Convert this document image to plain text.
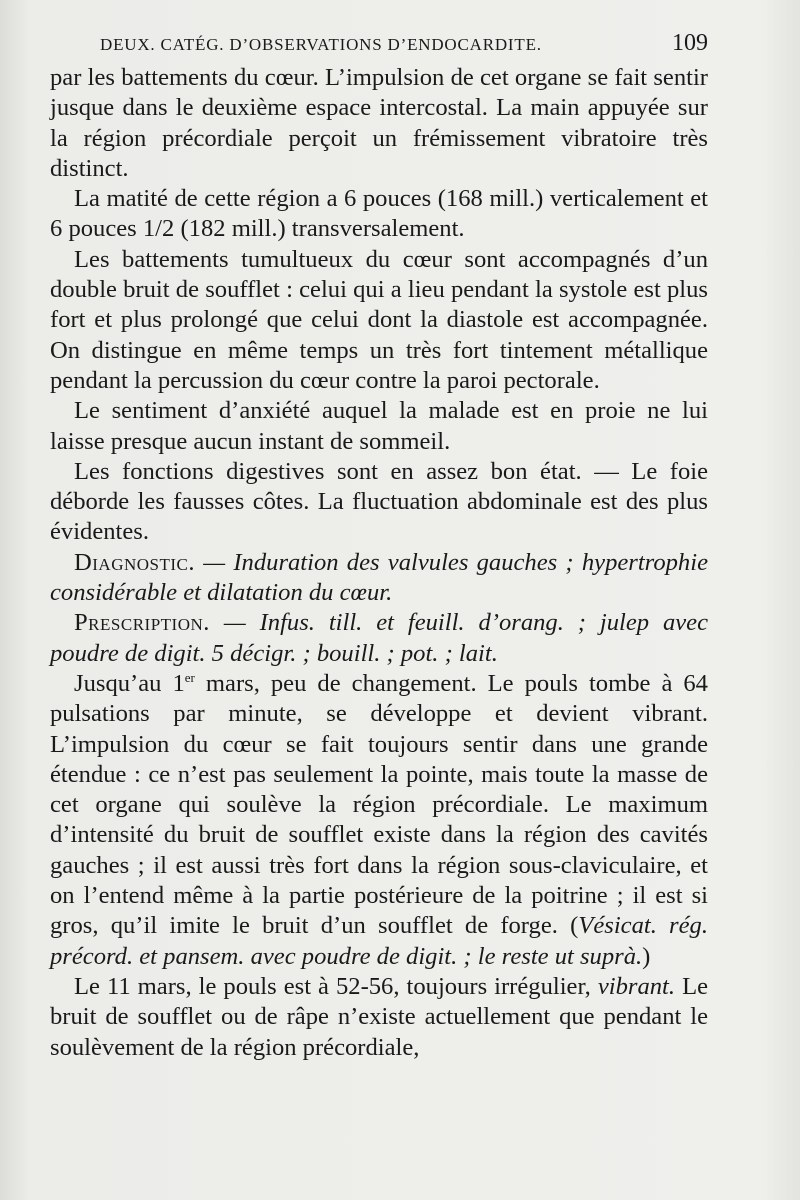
DEUX. CATÉG. D’OBSERVATIONS D’ENDOCARDITE.	109

par les battements du cœur. L’impulsion de cet organe se fait sentir jusque dans le deuxième espace intercostal. La main appuyée sur la région précordiale perçoit un frémissement vibratoire très distinct.

La matité de cette région a 6 pouces (168 mill.) verticalement et 6 pouces 1/2 (182 mill.) transversalement.

Les battements tumultueux du cœur sont accompagnés d’un double bruit de soufflet : celui qui a lieu pendant la systole est plus fort et plus prolongé que celui dont la diastole est accompagnée. On distingue en même temps un très fort tintement métallique pendant la percussion du cœur contre la paroi pectorale.

Le sentiment d’anxiété auquel la malade est en proie ne lui laisse presque aucun instant de sommeil.

Les fonctions digestives sont en assez bon état. — Le foie déborde les fausses côtes. La fluctuation abdominale est des plus évidentes.

Diagnostic. — Induration des valvules gauches ; hypertrophie considérable et dilatation du cœur.

Prescription. — Infus. till. et feuill. d’orang. ; julep avec poudre de digit. 5 décigr. ; bouill. ; pot. ; lait.

Jusqu’au 1er mars, peu de changement. Le pouls tombe à 64 pulsations par minute, se développe et devient vibrant. L’impulsion du cœur se fait toujours sentir dans une grande étendue : ce n’est pas seulement la pointe, mais toute la masse de cet organe qui soulève la région précordiale. Le maximum d’intensité du bruit de soufflet existe dans la région des cavités gauches ; il est aussi très fort dans la région sous-claviculaire, et on l’entend même à la partie postérieure de la poitrine ; il est si gros, qu’il imite le bruit d’un soufflet de forge. (Vésicat. rég. précord. et pansem. avec poudre de digit. ; le reste ut suprà.)

Le 11 mars, le pouls est à 52-56, toujours irrégulier, vibrant. Le bruit de soufflet ou de râpe n’existe actuellement que pendant le soulèvement de la région précordiale,
